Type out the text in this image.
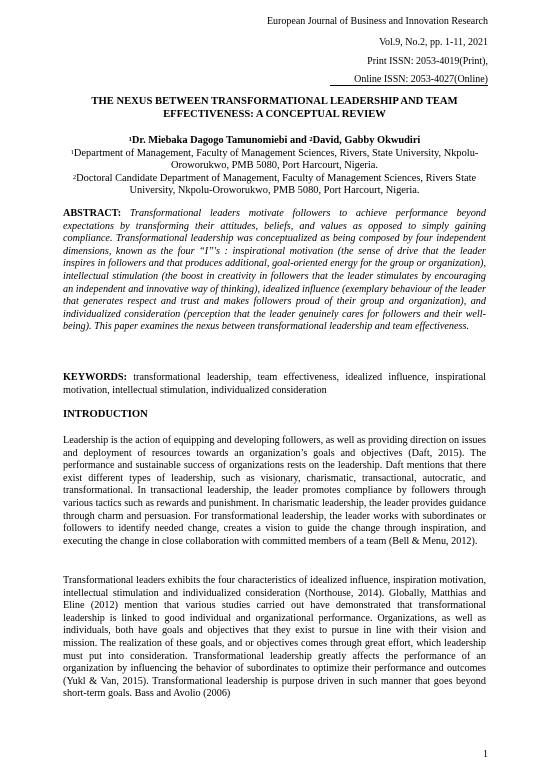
European Journal of Business and Innovation Research
Vol.9, No.2, pp. 1-11, 2021
Print ISSN: 2053-4019(Print),
Online ISSN: 2053-4027(Online)
THE NEXUS BETWEEN TRANSFORMATIONAL LEADERSHIP AND TEAM
EFFECTIVENESS: A CONCEPTUAL REVIEW
$^1$Dr. Miebaka Dagogo Tamunomiebi and $^2$David, Gabby Okwudiri
$^1$Department of Management, Faculty of Management Sciences, Rivers, State University, Nkpolu-Oroworukwo, PMB 5080, Port Harcourt, Nigeria.
$^2$Doctoral Candidate Department of Management, Faculty of Management Sciences, Rivers State University, Nkpolu-Oroworukwo, PMB 5080, Port Harcourt, Nigeria.
ABSTRACT: Transformational leaders motivate followers to achieve performance beyond expectations by transforming their attitudes, beliefs, and values as opposed to simply gaining compliance. Transformational leadership was conceptualized as being composed by four independent dimensions, known as the four “I”'s : inspirational motivation (the sense of drive that the leader inspires in followers and that produces additional, goal-oriented energy for the group or organization), intellectual stimulation (the boost in creativity in followers that the leader stimulates by encouraging an independent and innovative way of thinking), idealized influence (exemplary behaviour of the leader that generates respect and trust and makes followers proud of their group and organization), and individualized consideration (perception that the leader genuinely cares for followers and their well-being). This paper examines the nexus between transformational leadership and team effectiveness.
KEYWORDS: transformational leadership, team effectiveness, idealized influence, inspirational motivation, intellectual stimulation, individualized consideration
INTRODUCTION
Leadership is the action of equipping and developing followers, as well as providing direction on issues and deployment of resources towards an organization’s goals and objectives (Daft, 2015). The performance and sustainable success of organizations rests on the leadership. Daft mentions that there exist different types of leadership, such as visionary, charismatic, transactional, autocratic, and transformational. In transactional leadership, the leader promotes compliance by followers through various tactics such as rewards and punishment. In charismatic leadership, the leader provides guidance through charm and persuasion. For transformational leadership, the leader works with subordinates or followers to identify needed change, creates a vision to guide the change through inspiration, and executing the change in close collaboration with committed members of a team (Bell & Menu, 2012).
Transformational leaders exhibits the four characteristics of idealized influence, inspiration motivation, intellectual stimulation and individualized consideration (Northouse, 2014). Globally, Matthias and Eline (2012) mention that various studies carried out have demonstrated that transformational leadership is linked to good individual and organizational performance. Organizations, as well as individuals, both have goals and objectives that they exist to pursue in line with their vision and mission. The realization of these goals, and or objectives comes through great effort, which leadership must put into consideration. Transformational leadership greatly affects the performance of an organization by influencing the behavior of subordinates to optimize their performance and outcomes (Yukl & Van, 2015). Transformational leadership is purpose driven in such manner that goes beyond short-term goals. Bass and Avolio (2006)
1
